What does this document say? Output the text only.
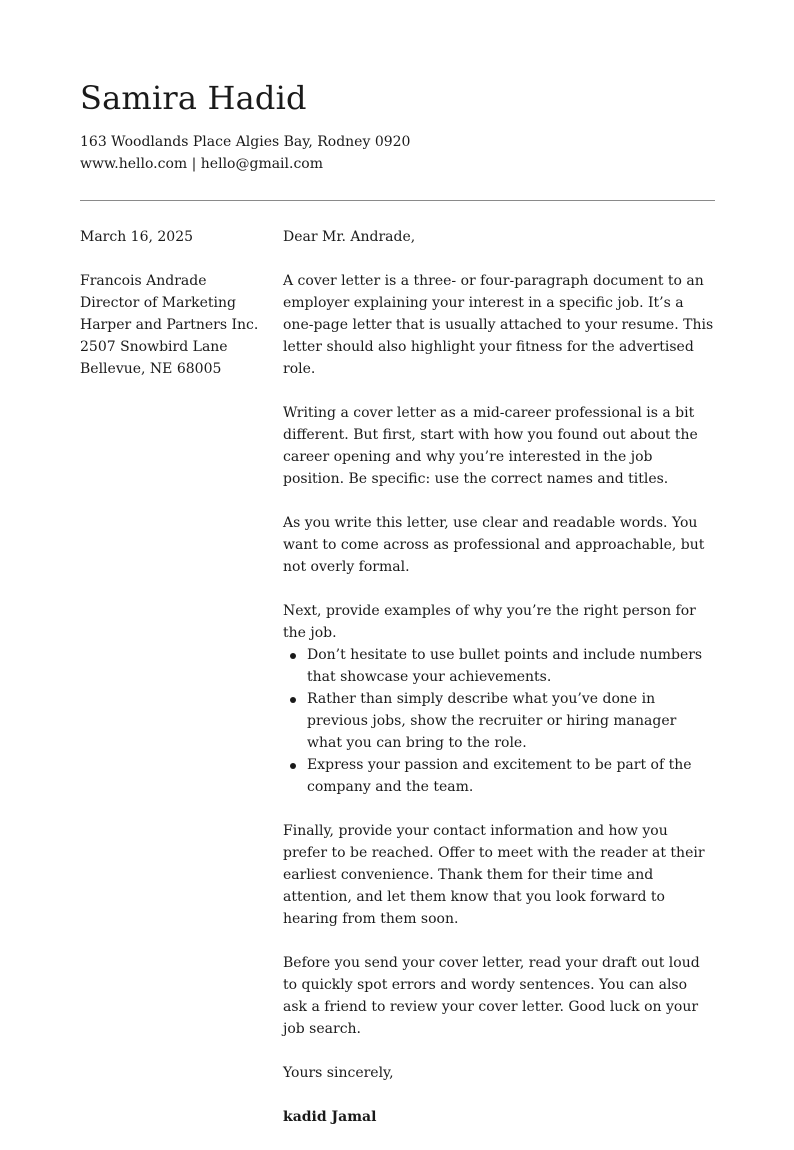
Samira Hadid
163 Woodlands Place Algies Bay, Rodney 0920
www.hello.com | hello@gmail.com
March 16, 2025
Francois Andrade
Director of Marketing
Harper and Partners Inc.
2507 Snowbird Lane
Bellevue, NE 68005

Dear Mr. Andrade,

A cover letter is a three- or four-paragraph document to an employer explaining your interest in a specific job. It’s a one-page letter that is usually attached to your resume. This letter should also highlight your fitness for the advertised role.

Writing a cover letter as a mid-career professional is a bit different. But first, start with how you found out about the career opening and why you’re interested in the job position. Be specific: use the correct names and titles.

As you write this letter, use clear and readable words. You want to come across as professional and approachable, but not overly formal.

Next, provide examples of why you’re the right person for the job.

Don’t hesitate to use bullet points and include numbers that showcase your achievements.
Rather than simply describe what you’ve done in previous jobs, show the recruiter or hiring manager what you can bring to the role.
Express your passion and excitement to be part of the company and the team.

Finally, provide your contact information and how you prefer to be reached. Offer to meet with the reader at their earliest convenience. Thank them for their time and attention, and let them know that you look forward to hearing from them soon.

Before you send your cover letter, read your draft out loud to quickly spot errors and wordy sentences. You can also ask a friend to review your cover letter. Good luck on your job search.

Yours sincerely,

kadid Jamal
